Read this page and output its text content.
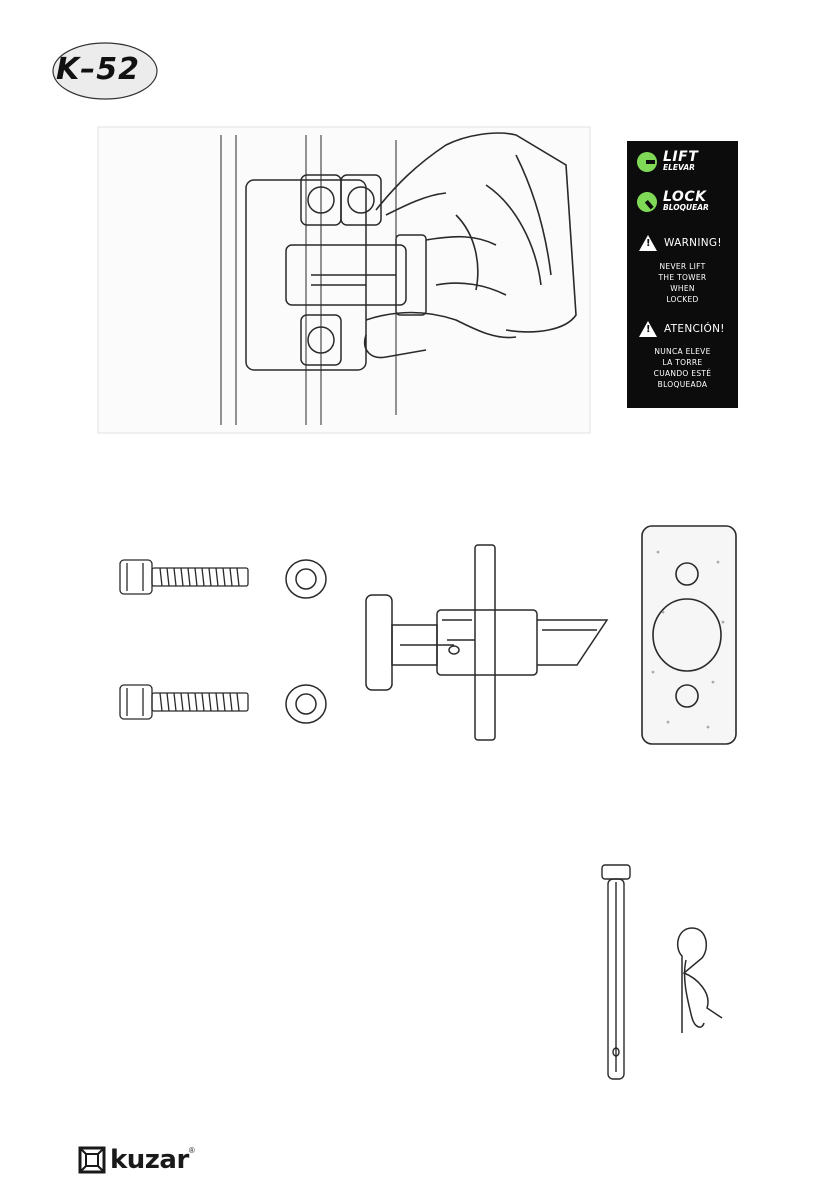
K–52
LIFT
ELEVAR
LOCK
BLOQUEAR
! WARNING!
NEVER LIFT
THE TOWER
WHEN
LOCKED
! ATENCIÓN!
NUNCA ELEVE
LA TORRE
CUANDO ESTÉ
BLOQUEADA
kuzar ®
